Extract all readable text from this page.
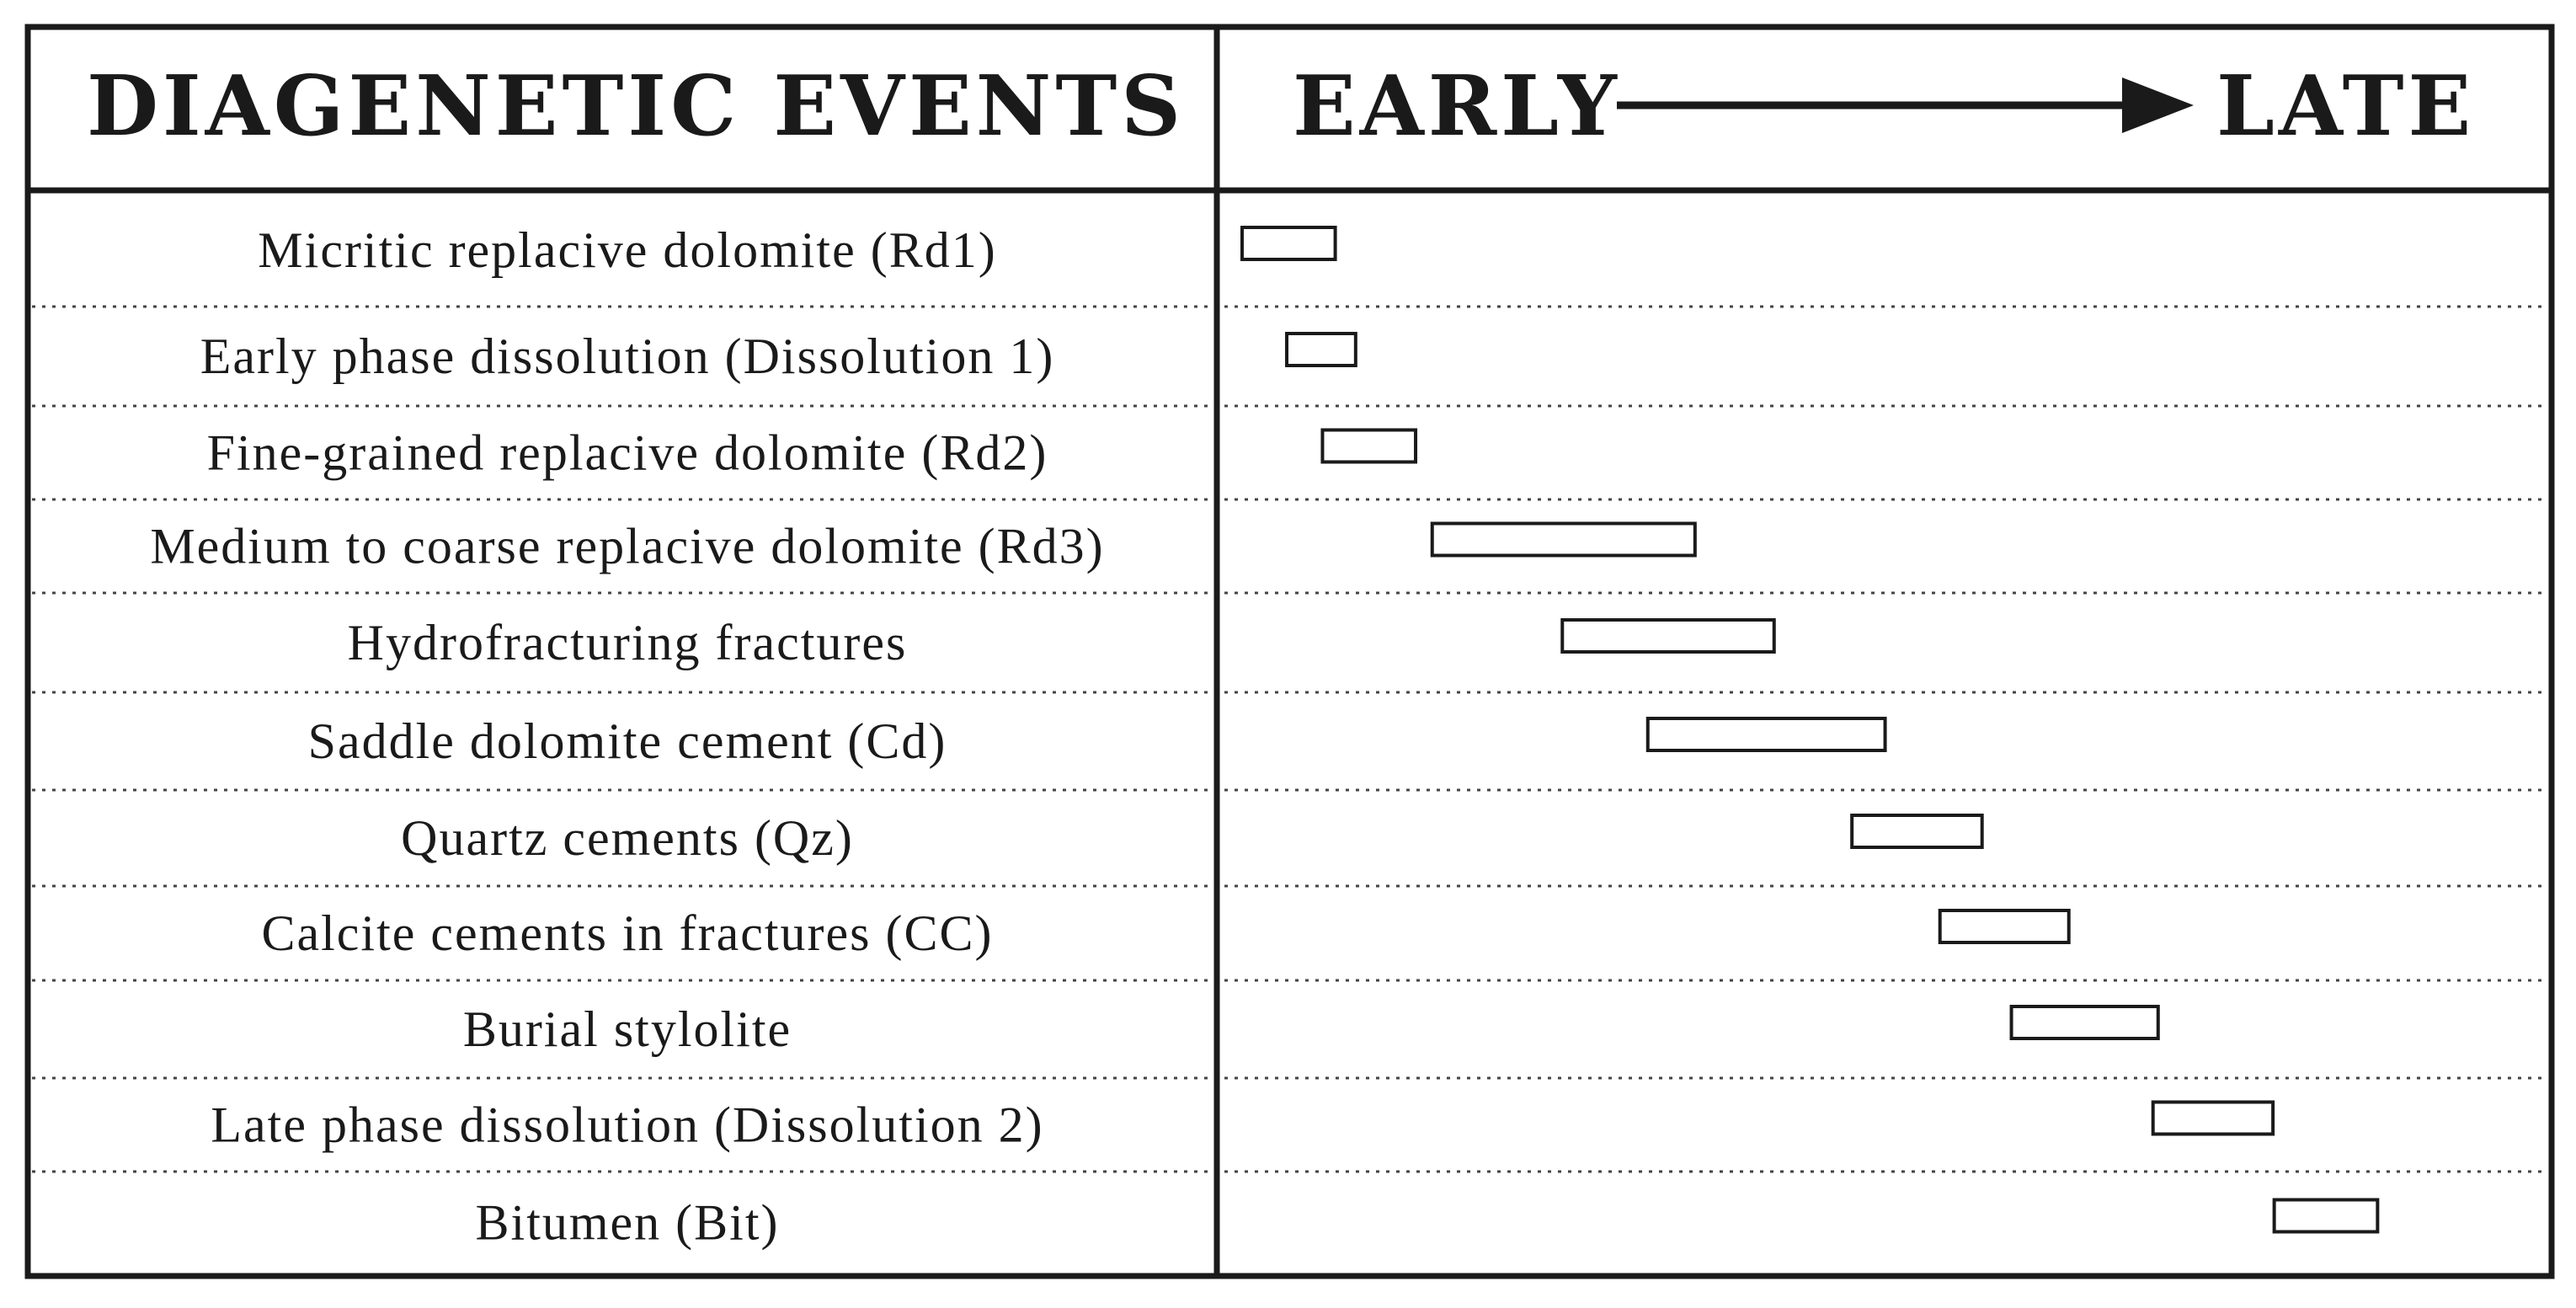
DIAGENETIC EVENTS EARLY	LATE
Micritic replacive dolomite (Rd1)
Early phase dissolution (Dissolution 1)
Fine-grained replacive dolomite (Rd2)
Medium to coarse replacive dolomite (Rd3)
Hydrofracturing fractures
Saddle dolomite cement (Cd)
Quartz cements (Qz)
Calcite cements in fractures (CC)
Burial stylolite
Late phase dissolution (Dissolution 2)
Bitumen (Bit)
